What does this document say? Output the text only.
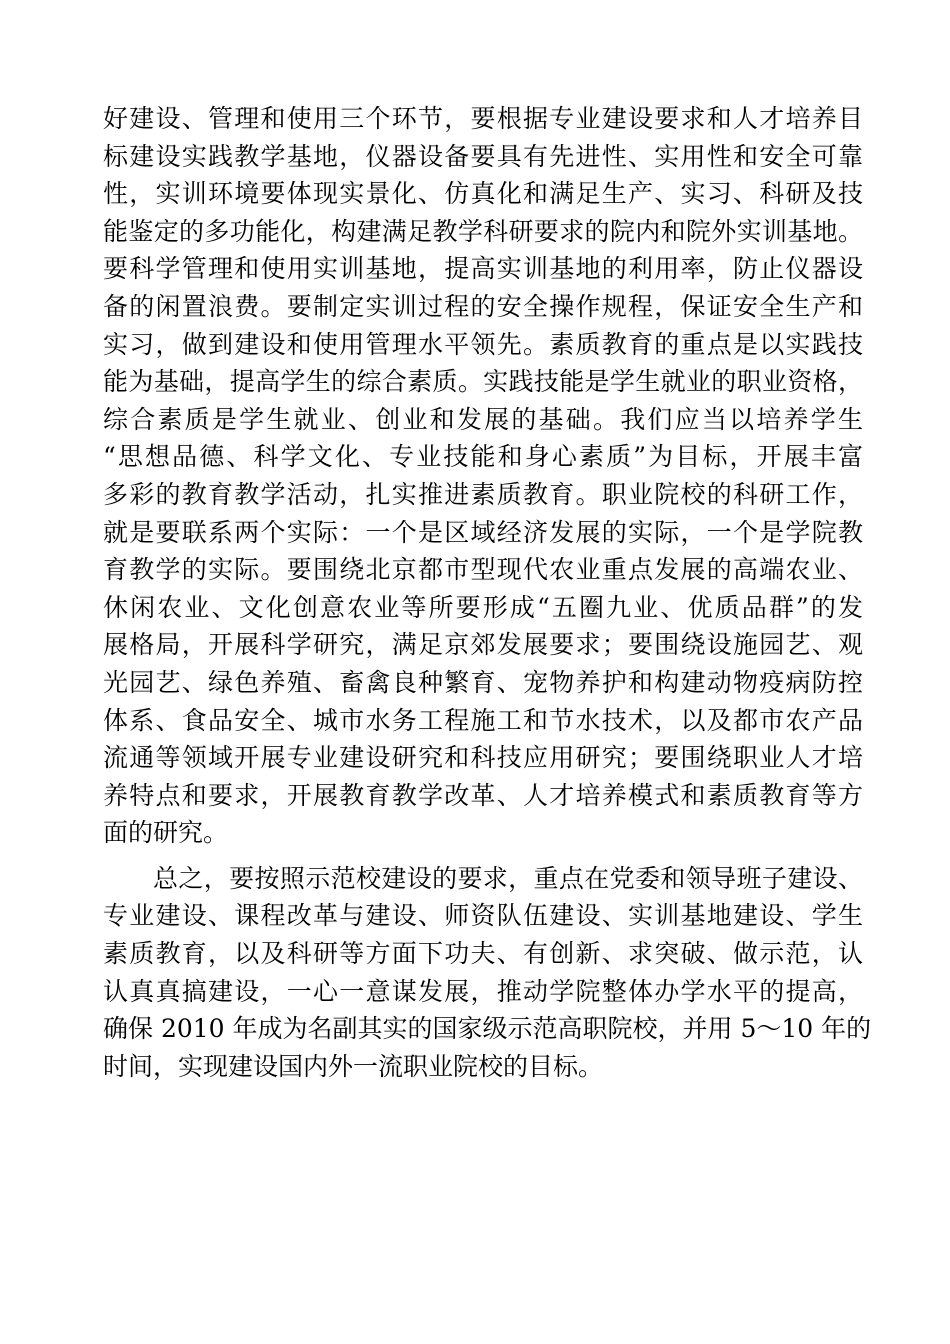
好建设、管理和使用三个环节，要根据专业建设要求和人才培养目
标建设实践教学基地，仪器设备要具有先进性、实用性和安全可靠
性，实训环境要体现实景化、仿真化和满足生产、实习、科研及技
能鉴定的多功能化，构建满足教学科研要求的院内和院外实训基地。
要科学管理和使用实训基地，提高实训基地的利用率，防止仪器设
备的闲置浪费。要制定实训过程的安全操作规程，保证安全生产和
实习，做到建设和使用管理水平领先。素质教育的重点是以实践技
能为基础，提高学生的综合素质。实践技能是学生就业的职业资格，
综合素质是学生就业、创业和发展的基础。我们应当以培养学生
“思想品德、科学文化、专业技能和身心素质”为目标，开展丰富
多彩的教育教学活动，扎实推进素质教育。职业院校的科研工作，
就是要联系两个实际：一个是区域经济发展的实际，一个是学院教
育教学的实际。要围绕北京都市型现代农业重点发展的高端农业、
休闲农业、文化创意农业等所要形成“五圈九业、优质品群”的发
展格局，开展科学研究，满足京郊发展要求；要围绕设施园艺、观
光园艺、绿色养殖、畜禽良种繁育、宠物养护和构建动物疫病防控
体系、食品安全、城市水务工程施工和节水技术，以及都市农产品
流通等领域开展专业建设研究和科技应用研究；要围绕职业人才培
养特点和要求，开展教育教学改革、人才培养模式和素质教育等方
面的研究。
总之，要按照示范校建设的要求，重点在党委和领导班子建设、
专业建设、课程改革与建设、师资队伍建设、实训基地建设、学生
素质教育，以及科研等方面下功夫、有创新、求突破、做示范，认
认真真搞建设，一心一意谋发展，推动学院整体办学水平的提高，
确保 2010 年成为名副其实的国家级示范高职院校，并用 5～10 年的
时间，实现建设国内外一流职业院校的目标。
